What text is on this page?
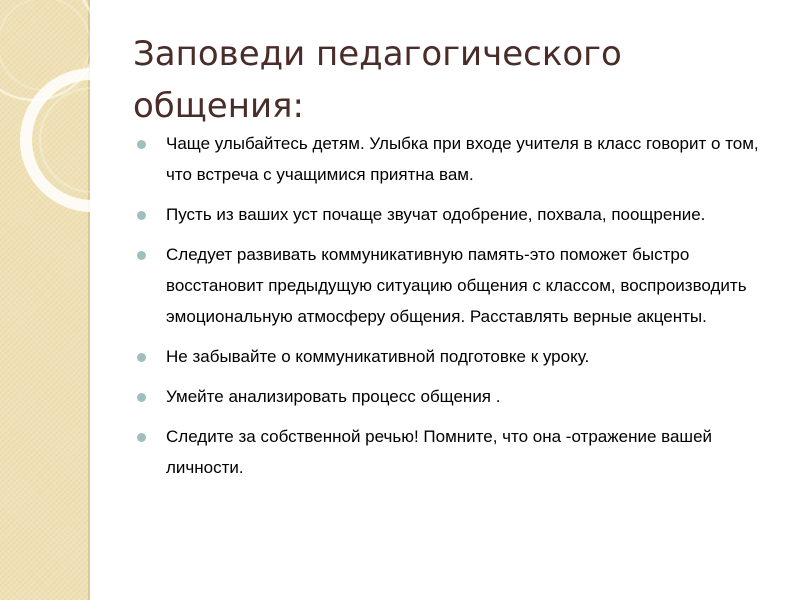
Заповеди педагогического общения:
Чаще улыбайтесь детям. Улыбка при входе учителя в класс говорит о том, что встреча с учащимися приятна вам.
Пусть из ваших уст почаще звучат одобрение, похвала, поощрение.
Следует развивать коммуникативную память-это поможет быстро восстановит предыдущую ситуацию общения с классом, воспроизводить эмоциональную атмосферу общения. Расставлять верные акценты.
Не забывайте о коммуникативной подготовке к уроку.
Умейте анализировать процесс общения .
Следите за собственной речью! Помните, что она -отражение вашей личности.
